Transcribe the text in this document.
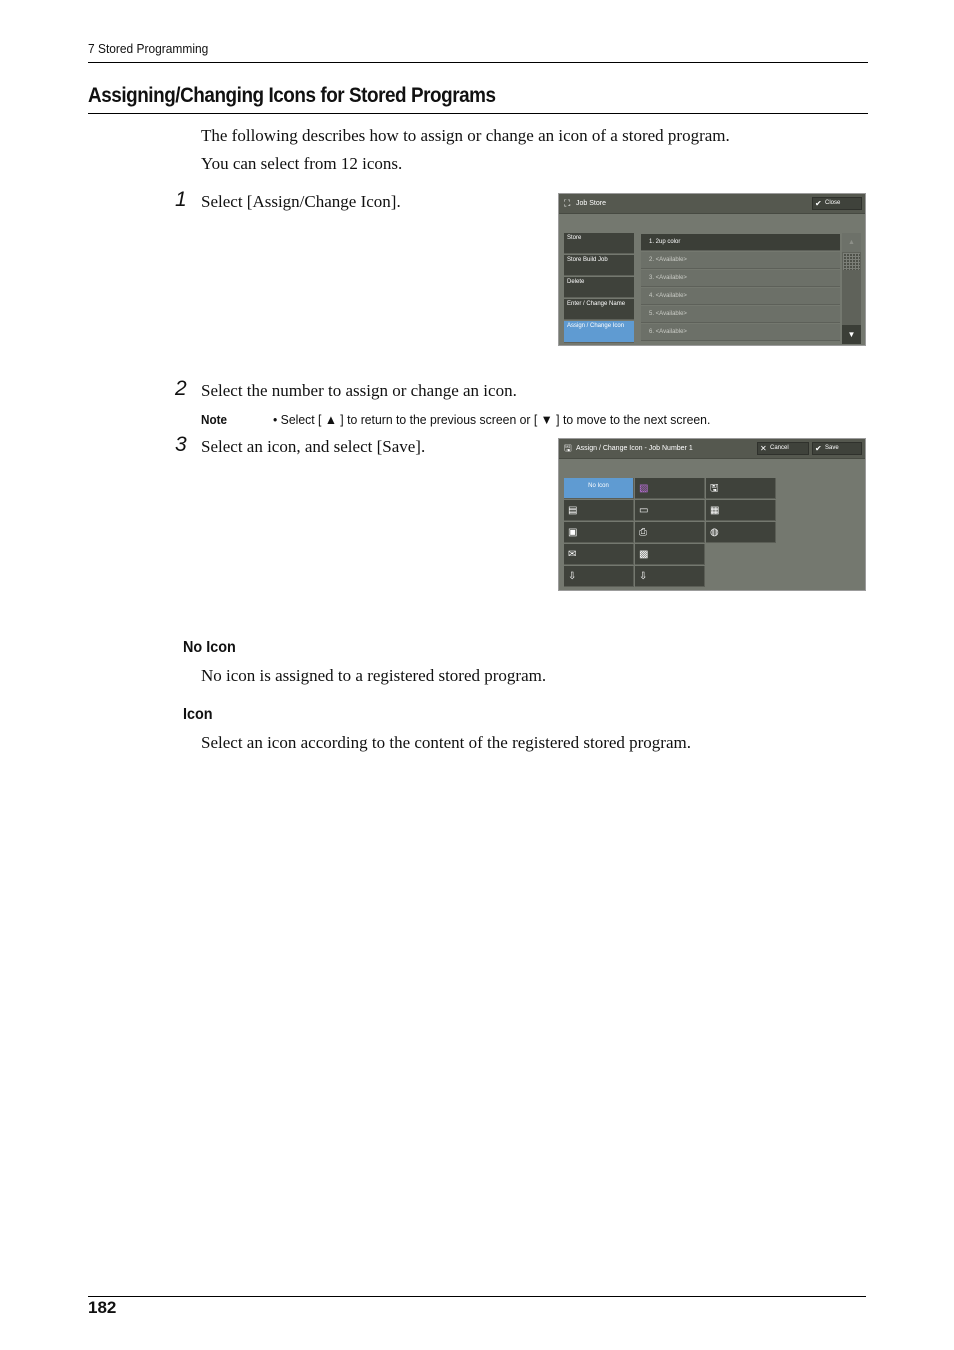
7 Stored Programming
Assigning/Changing Icons for Stored Programs
The following describes how to assign or change an icon of a stored program.
You can select from 12 icons.
1 Select [Assign/Change Icon].	⛶ Job Store	✔ Close
Store
Store Build Job
Delete
Enter / Change Name
Assign / Change Icon
1. 2up color
2. <Available>
3. <Available>
4. <Available>
5. <Available>
6. <Available>
▲
▼
2 Select the number to assign or change an icon.
Note	• Select [ ▲ ] to return to the previous screen or [ ▼ ] to move to the next screen.
3 Select an icon, and select [Save].	🖫 Assign / Change Icon - Job Number 1	✕ Cancel	✔ Save
No Icon	▧	🖫
▤	▭	▦
▣	⎙	◍
✉	▩
⇩	⇩
No Icon
No icon is assigned to a registered stored program.
Icon
Select an icon according to the content of the registered stored program.
182
